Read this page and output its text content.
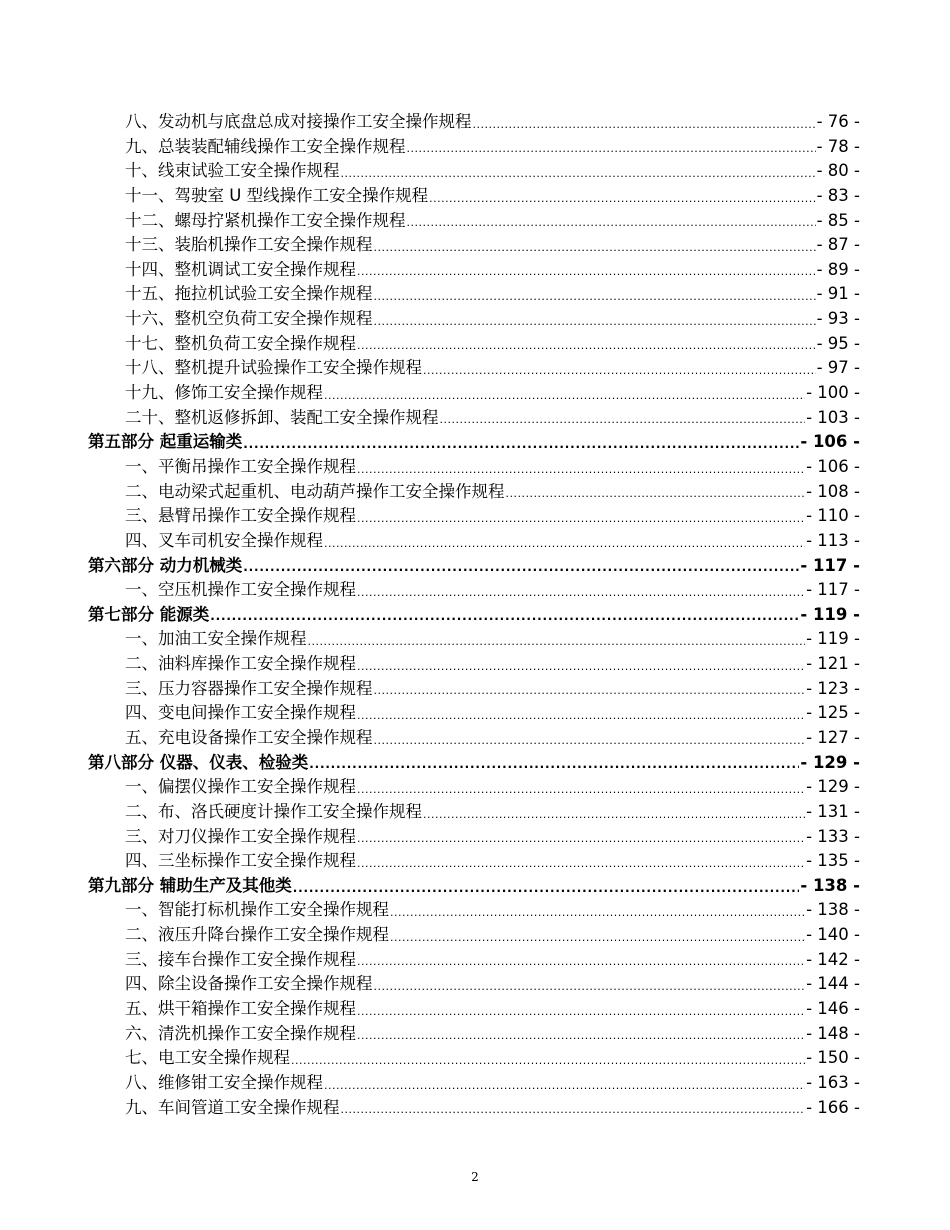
八、发动机与底盘总成对接操作工安全操作规程 .....	- 76 -
九、总装装配辅线操作工安全操作规程 .....	- 78 -
十、线束试验工安全操作规程 .....	- 80 -
十一、驾驶室 U 型线操作工安全操作规程 .....	- 83 -
十二、螺母拧紧机操作工安全操作规程 .....	- 85 -
十三、装胎机操作工安全操作规程 .....	- 87 -
十四、整机调试工安全操作规程 .....	- 89 -
十五、拖拉机试验工安全操作规程 .....	- 91 -
十六、整机空负荷工安全操作规程 .....	- 93 -
十七、整机负荷工安全操作规程 .....	- 95 -
十八、整机提升试验操作工安全操作规程 .....	- 97 -
十九、修饰工安全操作规程 .....	- 100 -
二十、整机返修拆卸、装配工安全操作规程 .....	- 103 -
第五部分 起重运输类 .....	- 106 -
一、平衡吊操作工安全操作规程 .....	- 106 -
二、电动梁式起重机、电动葫芦操作工安全操作规程 .....	- 108 -
三、悬臂吊操作工安全操作规程 .....	- 110 -
四、叉车司机安全操作规程 .....	- 113 -
第六部分 动力机械类 .....	- 117 -
一、空压机操作工安全操作规程 .....	- 117 -
第七部分 能源类 .....	- 119 -
一、加油工安全操作规程 .....	- 119 -
二、油料库操作工安全操作规程 .....	- 121 -
三、压力容器操作工安全操作规程 .....	- 123 -
四、变电间操作工安全操作规程 .....	- 125 -
五、充电设备操作工安全操作规程 .....	- 127 -
第八部分 仪器、仪表、检验类 .....	- 129 -
一、偏摆仪操作工安全操作规程 .....	- 129 -
二、布、洛氏硬度计操作工安全操作规程 .....	- 131 -
三、对刀仪操作工安全操作规程 .....	- 133 -
四、三坐标操作工安全操作规程 .....	- 135 -
第九部分 辅助生产及其他类 .....	- 138 -
一、智能打标机操作工安全操作规程 .....	- 138 -
二、液压升降台操作工安全操作规程 .....	- 140 -
三、接车台操作工安全操作规程 .....	- 142 -
四、除尘设备操作工安全操作规程 .....	- 144 -
五、烘干箱操作工安全操作规程 .....	- 146 -
六、清洗机操作工安全操作规程 .....	- 148 -
七、电工安全操作规程 .....	- 150 -
八、维修钳工安全操作规程 .....	- 163 -
九、车间管道工安全操作规程 .....	- 166 -
2
